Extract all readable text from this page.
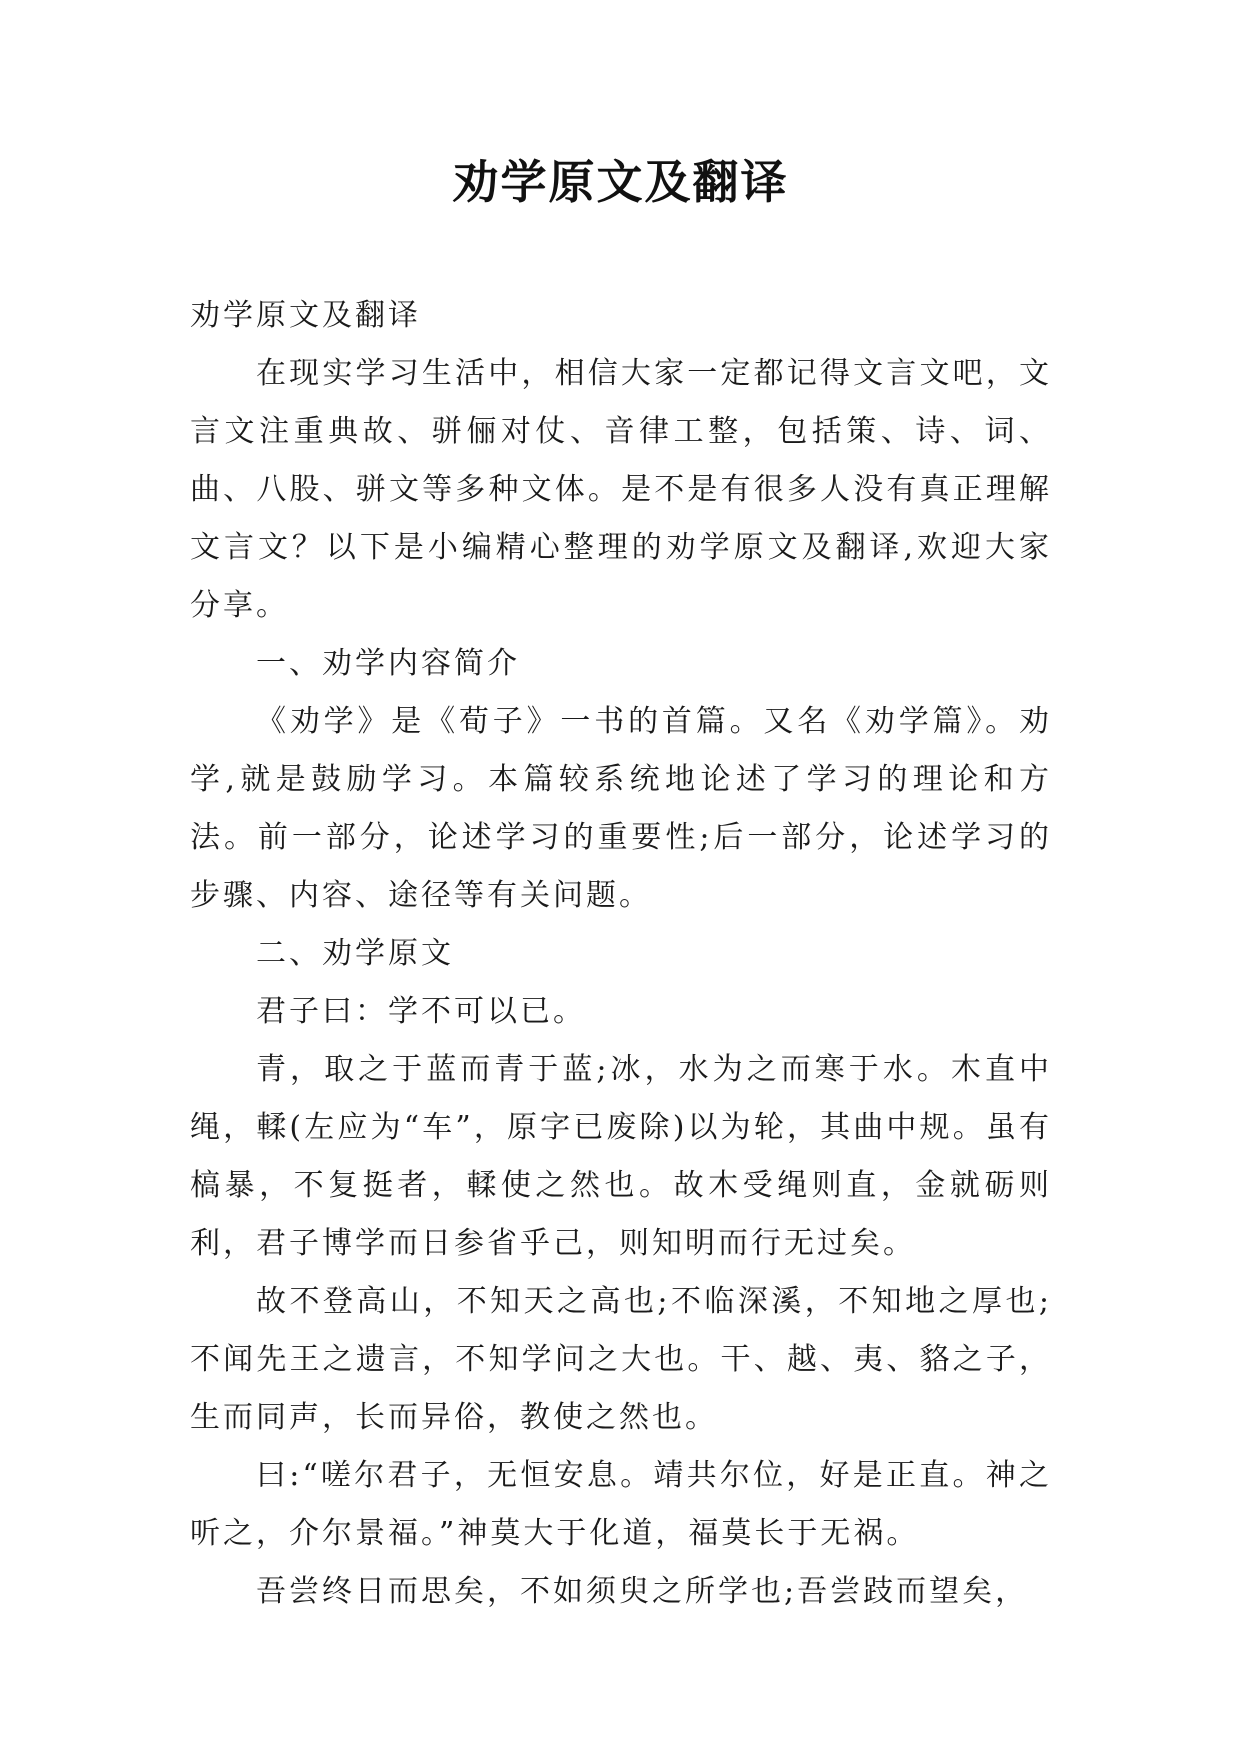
劝学原文及翻译

劝学原文及翻译

在现实学习生活中，相信大家一定都记得文言文吧，文言文注重典故、骈俪对仗、音律工整，包括策、诗、词、曲、八股、骈文等多种文体。是不是有很多人没有真正理解文言文？以下是小编精心整理的劝学原文及翻译,欢迎大家分享。

一、劝学内容简介

《劝学》是《荀子》一书的首篇。又名《劝学篇》。劝学,就是鼓励学习。本篇较系统地论述了学习的理论和方法。前一部分，论述学习的重要性;后一部分，论述学习的步骤、内容、途径等有关问题。

二、劝学原文

君子曰：学不可以已。

青，取之于蓝而青于蓝;冰，水为之而寒于水。木直中绳，輮(左应为“车”，原字已废除)以为轮，其曲中规。虽有槁暴，不复挺者，輮使之然也。故木受绳则直，金就砺则利，君子博学而日参省乎己，则知明而行无过矣。

故不登高山，不知天之高也;不临深溪，不知地之厚也;不闻先王之遗言，不知学问之大也。干、越、夷、貉之子，生而同声，长而异俗，教使之然也。

曰:“嗟尔君子，无恒安息。靖共尔位，好是正直。神之听之，介尔景福。”神莫大于化道，福莫长于无祸。

吾尝终日而思矣，不如须臾之所学也;吾尝跂而望矣，
